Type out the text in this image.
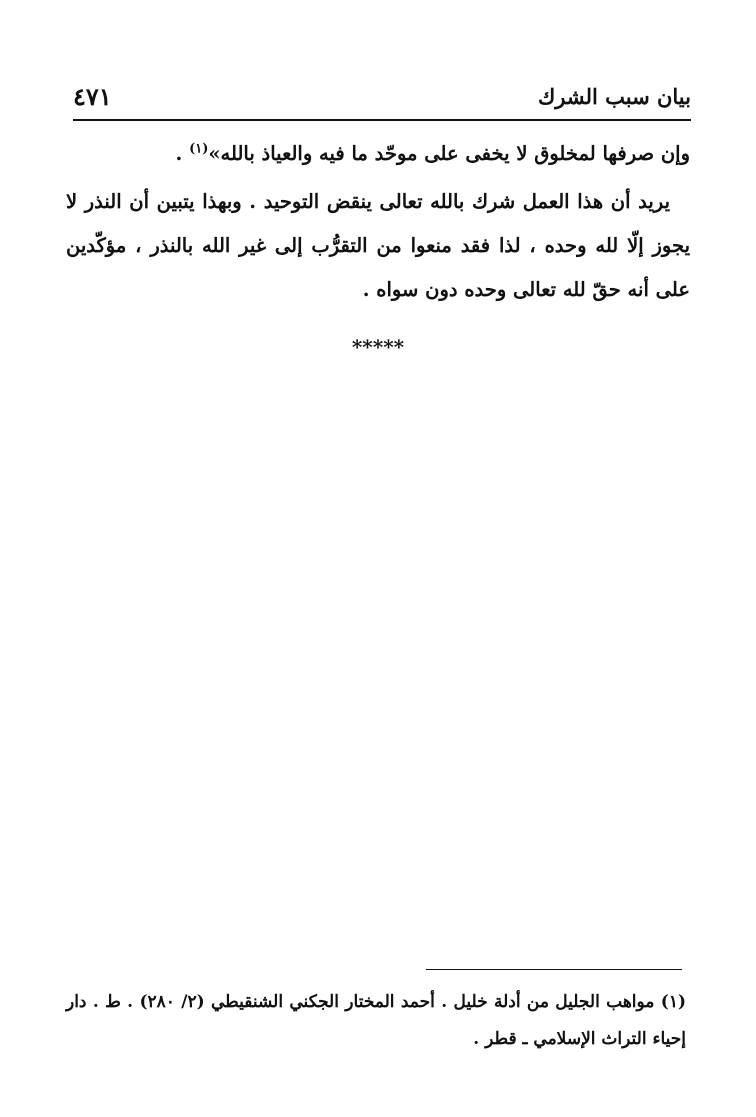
بيان سبب الشرك
٤٧١

وإن صرفها لمخلوق لا يخفى على موحّد ما فيه والعياذ بالله»$^{(١)}$ .

يريد أن هذا العمل شرك بالله تعالى ينقض التوحيد . وبهذا يتبين أن النذر لا يجوز إلّا لله وحده ، لذا فقد منعوا من التقرُّب إلى غير الله بالنذر ، مؤكّدين على أنه حقّ لله تعالى وحده دون سواه .

*****

(١) مواهب الجليل من أدلة خليل . أحمد المختار الجكني الشنقيطي (٢/ ٢٨٠) . ط . دار إحياء التراث الإسلامي ـ قطر .
